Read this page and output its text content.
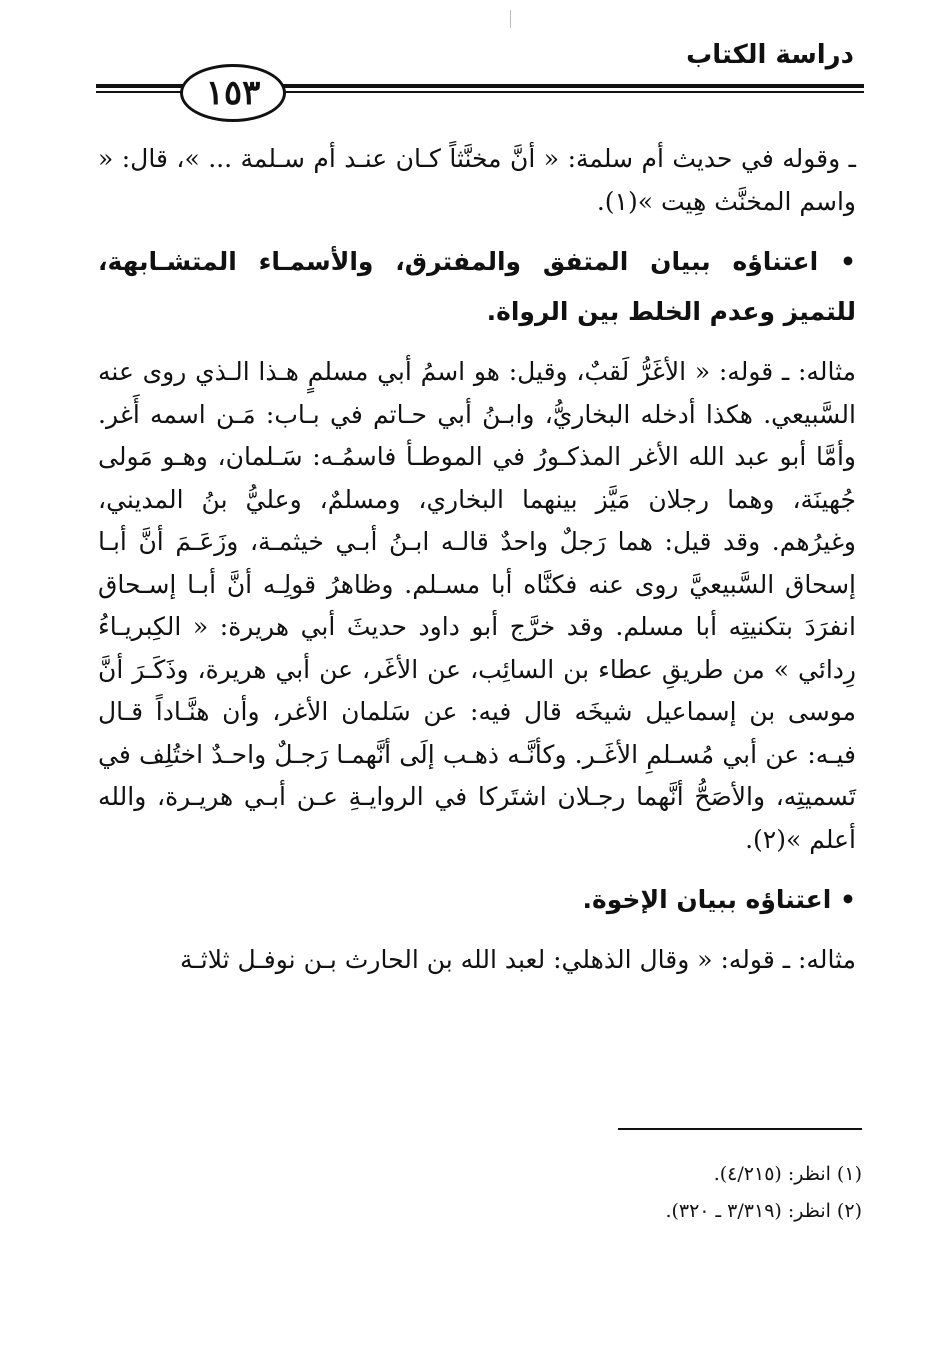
دراسة الكتاب
١٥٣

ـ وقوله في حديث أم سلمة: « أنَّ مخنَّثاً كـان عنـد أم سـلمة ... »، قال: « واسم المخنَّث هِيت »(١).

• اعتناؤه ببيان المتفق والمفترق، والأسمـاء المتشـابهة، للتميز وعدم الخلط بين الرواة.

مثاله: ـ قوله: « الأغَرُّ لَقبٌ، وقيل: هو اسمُ أبي مسلمٍ هـذا الـذي روى عنه السَّبيعي. هكذا أدخله البخاريُّ، وابـنُ أبي حـاتم في بـاب: مَـن اسمه أَغر. وأمَّا أبو عبد الله الأغر المذكـورُ في الموطـأ فاسمُـه: سَـلمان، وهـو مَولى جُهينَة، وهما رجلان مَيَّز بينهما البخاري، ومسلمٌ، وعليُّ بنُ المديني، وغيرُهم. وقد قيل: هما رَجلٌ واحدٌ قالـه ابـنُ أبـي خيثمـة، وزَعَـمَ أنَّ أبـا إسحاق السَّبيعيَّ روى عنه فكنَّاه أبا مسـلم. وظاهرُ قولِـه أنَّ أبـا إسـحاق انفرَدَ بتكنيتِه أبا مسلم. وقد خرَّج أبو داود حديثَ أبي هريرة: « الكِبريـاءُ رِدائي » من طريقِ عطاء بن السائِب، عن الأغَر، عن أبي هريرة، وذَكَـرَ أنَّ موسى بن إسماعيل شيخَه قال فيه: عن سَلمان الأغر، وأن هنَّـاداً قـال فيـه: عن أبي مُسـلمِ الأغَـر. وكأنَّـه ذهـب إلَى أنَّهمـا رَجـلٌ واحـدٌ اختُلِف في تَسميتِه، والأصَحُّ أنَّهما رجـلان اشتَركا في الروايـةِ عـن أبـي هريـرة، والله أعلم »(٢).

• اعتناؤه ببيان الإخوة.

مثاله: ـ قوله: « وقال الذهلي: لعبد الله بن الحارث بـن نوفـل ثلاثـة

(١) انظر: (٤/٢١٥).
(٢) انظر: (٣/٣١٩ ـ ٣٢٠).
